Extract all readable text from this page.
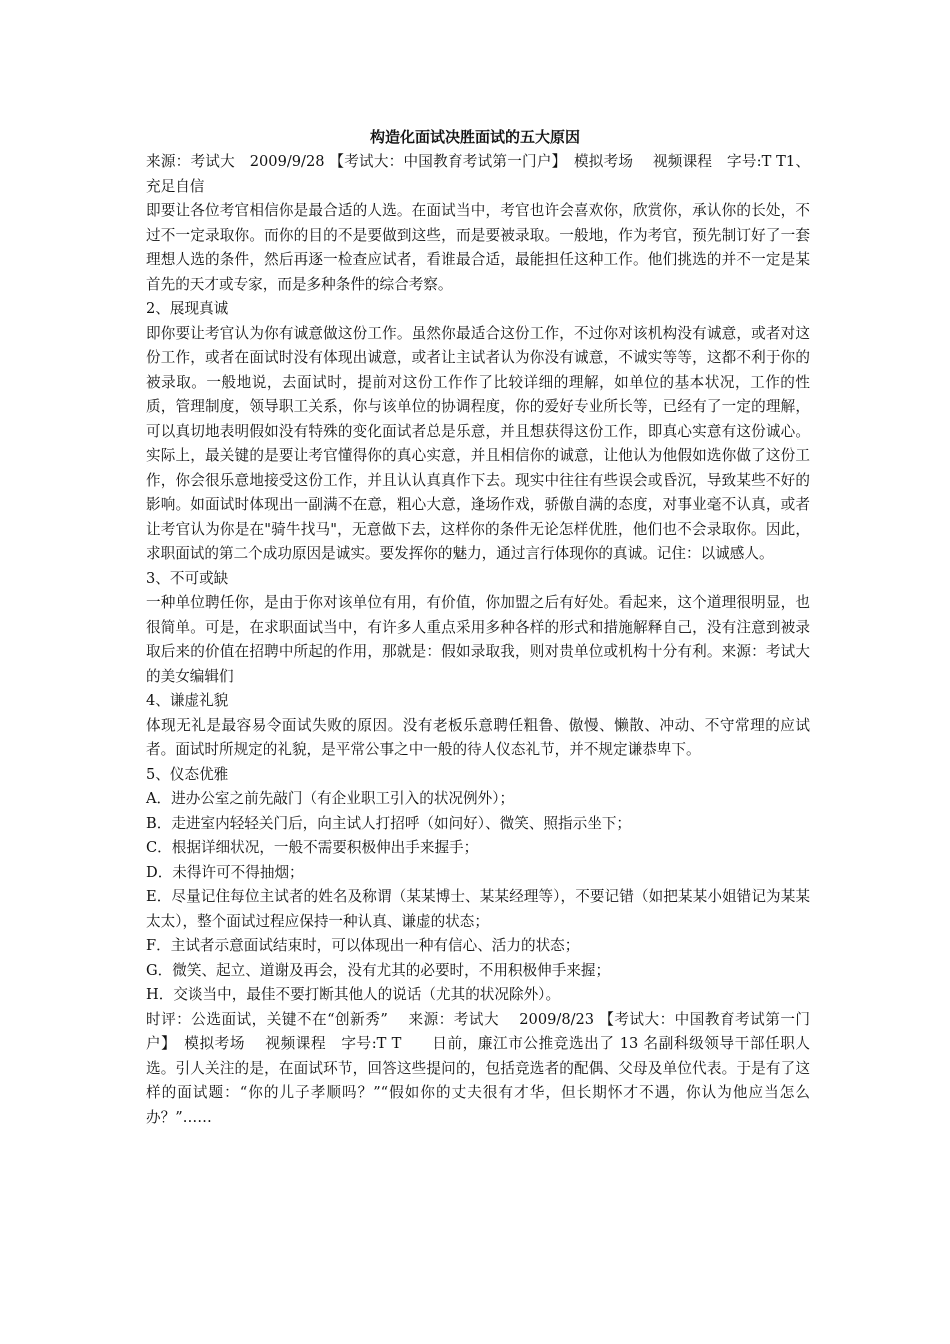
构造化面试决胜面试的五大原因

来源：考试大　2009/9/28 【考试大：中国教育考试第一门户】　模拟考场　 视频课程　字号:T T1、充足自信

即要让各位考官相信你是最合适的人选。在面试当中，考官也许会喜欢你，欣赏你，承认你的长处，不过不一定录取你。而你的目的不是要做到这些，而是要被录取。一般地，作为考官，预先制订好了一套理想人选的条件，然后再逐一检查应试者，看谁最合适，最能担任这种工作。他们挑选的并不一定是某首先的天才或专家，而是多种条件的综合考察。

2、展现真诚

即你要让考官认为你有诚意做这份工作。虽然你最适合这份工作，不过你对该机构没有诚意，或者对这份工作，或者在面试时没有体现出诚意，或者让主试者认为你没有诚意，不诚实等等，这都不利于你的被录取。一般地说，去面试时，提前对这份工作作了比较详细的理解，如单位的基本状况，工作的性质，管理制度，领导职工关系，你与该单位的协调程度，你的爱好专业所长等，已经有了一定的理解，可以真切地表明假如没有特殊的变化面试者总是乐意，并且想获得这份工作，即真心实意有这份诚心。实际上，最关键的是要让考官懂得你的真心实意，并且相信你的诚意，让他认为他假如选你做了这份工作，你会很乐意地接受这份工作，并且认认真真作下去。现实中往往有些误会或昏沉，导致某些不好的影响。如面试时体现出一副满不在意，粗心大意，逢场作戏，骄傲自满的态度，对事业毫不认真，或者让考官认为你是在"骑牛找马"，无意做下去，这样你的条件无论怎样优胜，他们也不会录取你。因此，求职面试的第二个成功原因是诚实。要发挥你的魅力，通过言行体现你的真诚。记住：以诚感人。

3、不可或缺

一种单位聘任你，是由于你对该单位有用，有价值，你加盟之后有好处。看起来，这个道理很明显，也很简单。可是，在求职面试当中，有许多人重点采用多种各样的形式和措施解释自己，没有注意到被录取后来的价值在招聘中所起的作用，那就是：假如录取我，则对贵单位或机构十分有利。来源：考试大的美女编辑们

4、谦虚礼貌

体现无礼是最容易令面试失败的原因。没有老板乐意聘任粗鲁、傲慢、懒散、冲动、不守常理的应试者。面试时所规定的礼貌，是平常公事之中一般的待人仪态礼节，并不规定谦恭卑下。

5、仪态优雅

A．进办公室之前先敲门（有企业职工引入的状况例外）；

B．走进室内轻轻关门后，向主试人打招呼（如问好）、微笑、照指示坐下；

C．根据详细状况，一般不需要积极伸出手来握手；

D．未得许可不得抽烟；

E．尽量记住每位主试者的姓名及称谓（某某博士、某某经理等），不要记错（如把某某小姐错记为某某太太），整个面试过程应保持一种认真、谦虚的状态；

F．主试者示意面试结束时，可以体现出一种有信心、活力的状态；

G．微笑、起立、道谢及再会，没有尤其的必要时，不用积极伸手来握；

H．交谈当中，最佳不要打断其他人的说话（尤其的状况除外）。

时评：公选面试，关键不在“创新秀”　 来源：考试大　 2009/8/23 【考试大：中国教育考试第一门户】　模拟考场　 视频课程　字号:T T　　日前，廉江市公推竞选出了 13 名副科级领导干部任职人选。引人关注的是，在面试环节，回答这些提问的，包括竞选者的配偶、父母及单位代表。于是有了这样的面试题：“你的儿子孝顺吗？”“假如你的丈夫很有才华，但长期怀才不遇，你认为他应当怎么办？”……
